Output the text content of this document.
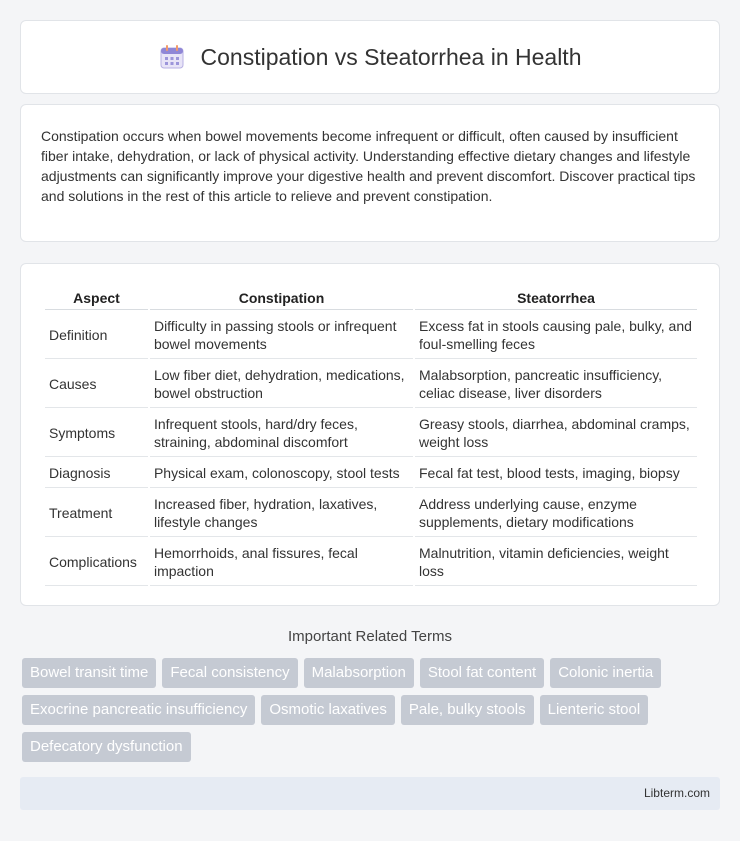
Constipation vs Steatorrhea in Health

Constipation occurs when bowel movements become infrequent or difficult, often caused by insufficient fiber intake, dehydration, or lack of physical activity. Understanding effective dietary changes and lifestyle adjustments can significantly improve your digestive health and prevent discomfort. Discover practical tips and solutions in the rest of this article to relieve and prevent constipation.

Aspect	Constipation	Steatorrhea
Definition	Difficulty in passing stools or infrequent bowel movements	Excess fat in stools causing pale, bulky, and foul-smelling feces
Causes	Low fiber diet, dehydration, medications, bowel obstruction	Malabsorption, pancreatic insufficiency, celiac disease, liver disorders
Symptoms	Infrequent stools, hard/dry feces, straining, abdominal discomfort	Greasy stools, diarrhea, abdominal cramps, weight loss
Diagnosis	Physical exam, colonoscopy, stool tests	Fecal fat test, blood tests, imaging, biopsy
Treatment	Increased fiber, hydration, laxatives, lifestyle changes	Address underlying cause, enzyme supplements, dietary modifications
Complications	Hemorrhoids, anal fissures, fecal impaction	Malnutrition, vitamin deficiencies, weight loss
Important Related Terms
Bowel transit time	Fecal consistency	Malabsorption	Stool fat content	Colonic inertia
Exocrine pancreatic insufficiency	Osmotic laxatives	Pale, bulky stools	Lienteric stool
Defecatory dysfunction
Libterm.com
